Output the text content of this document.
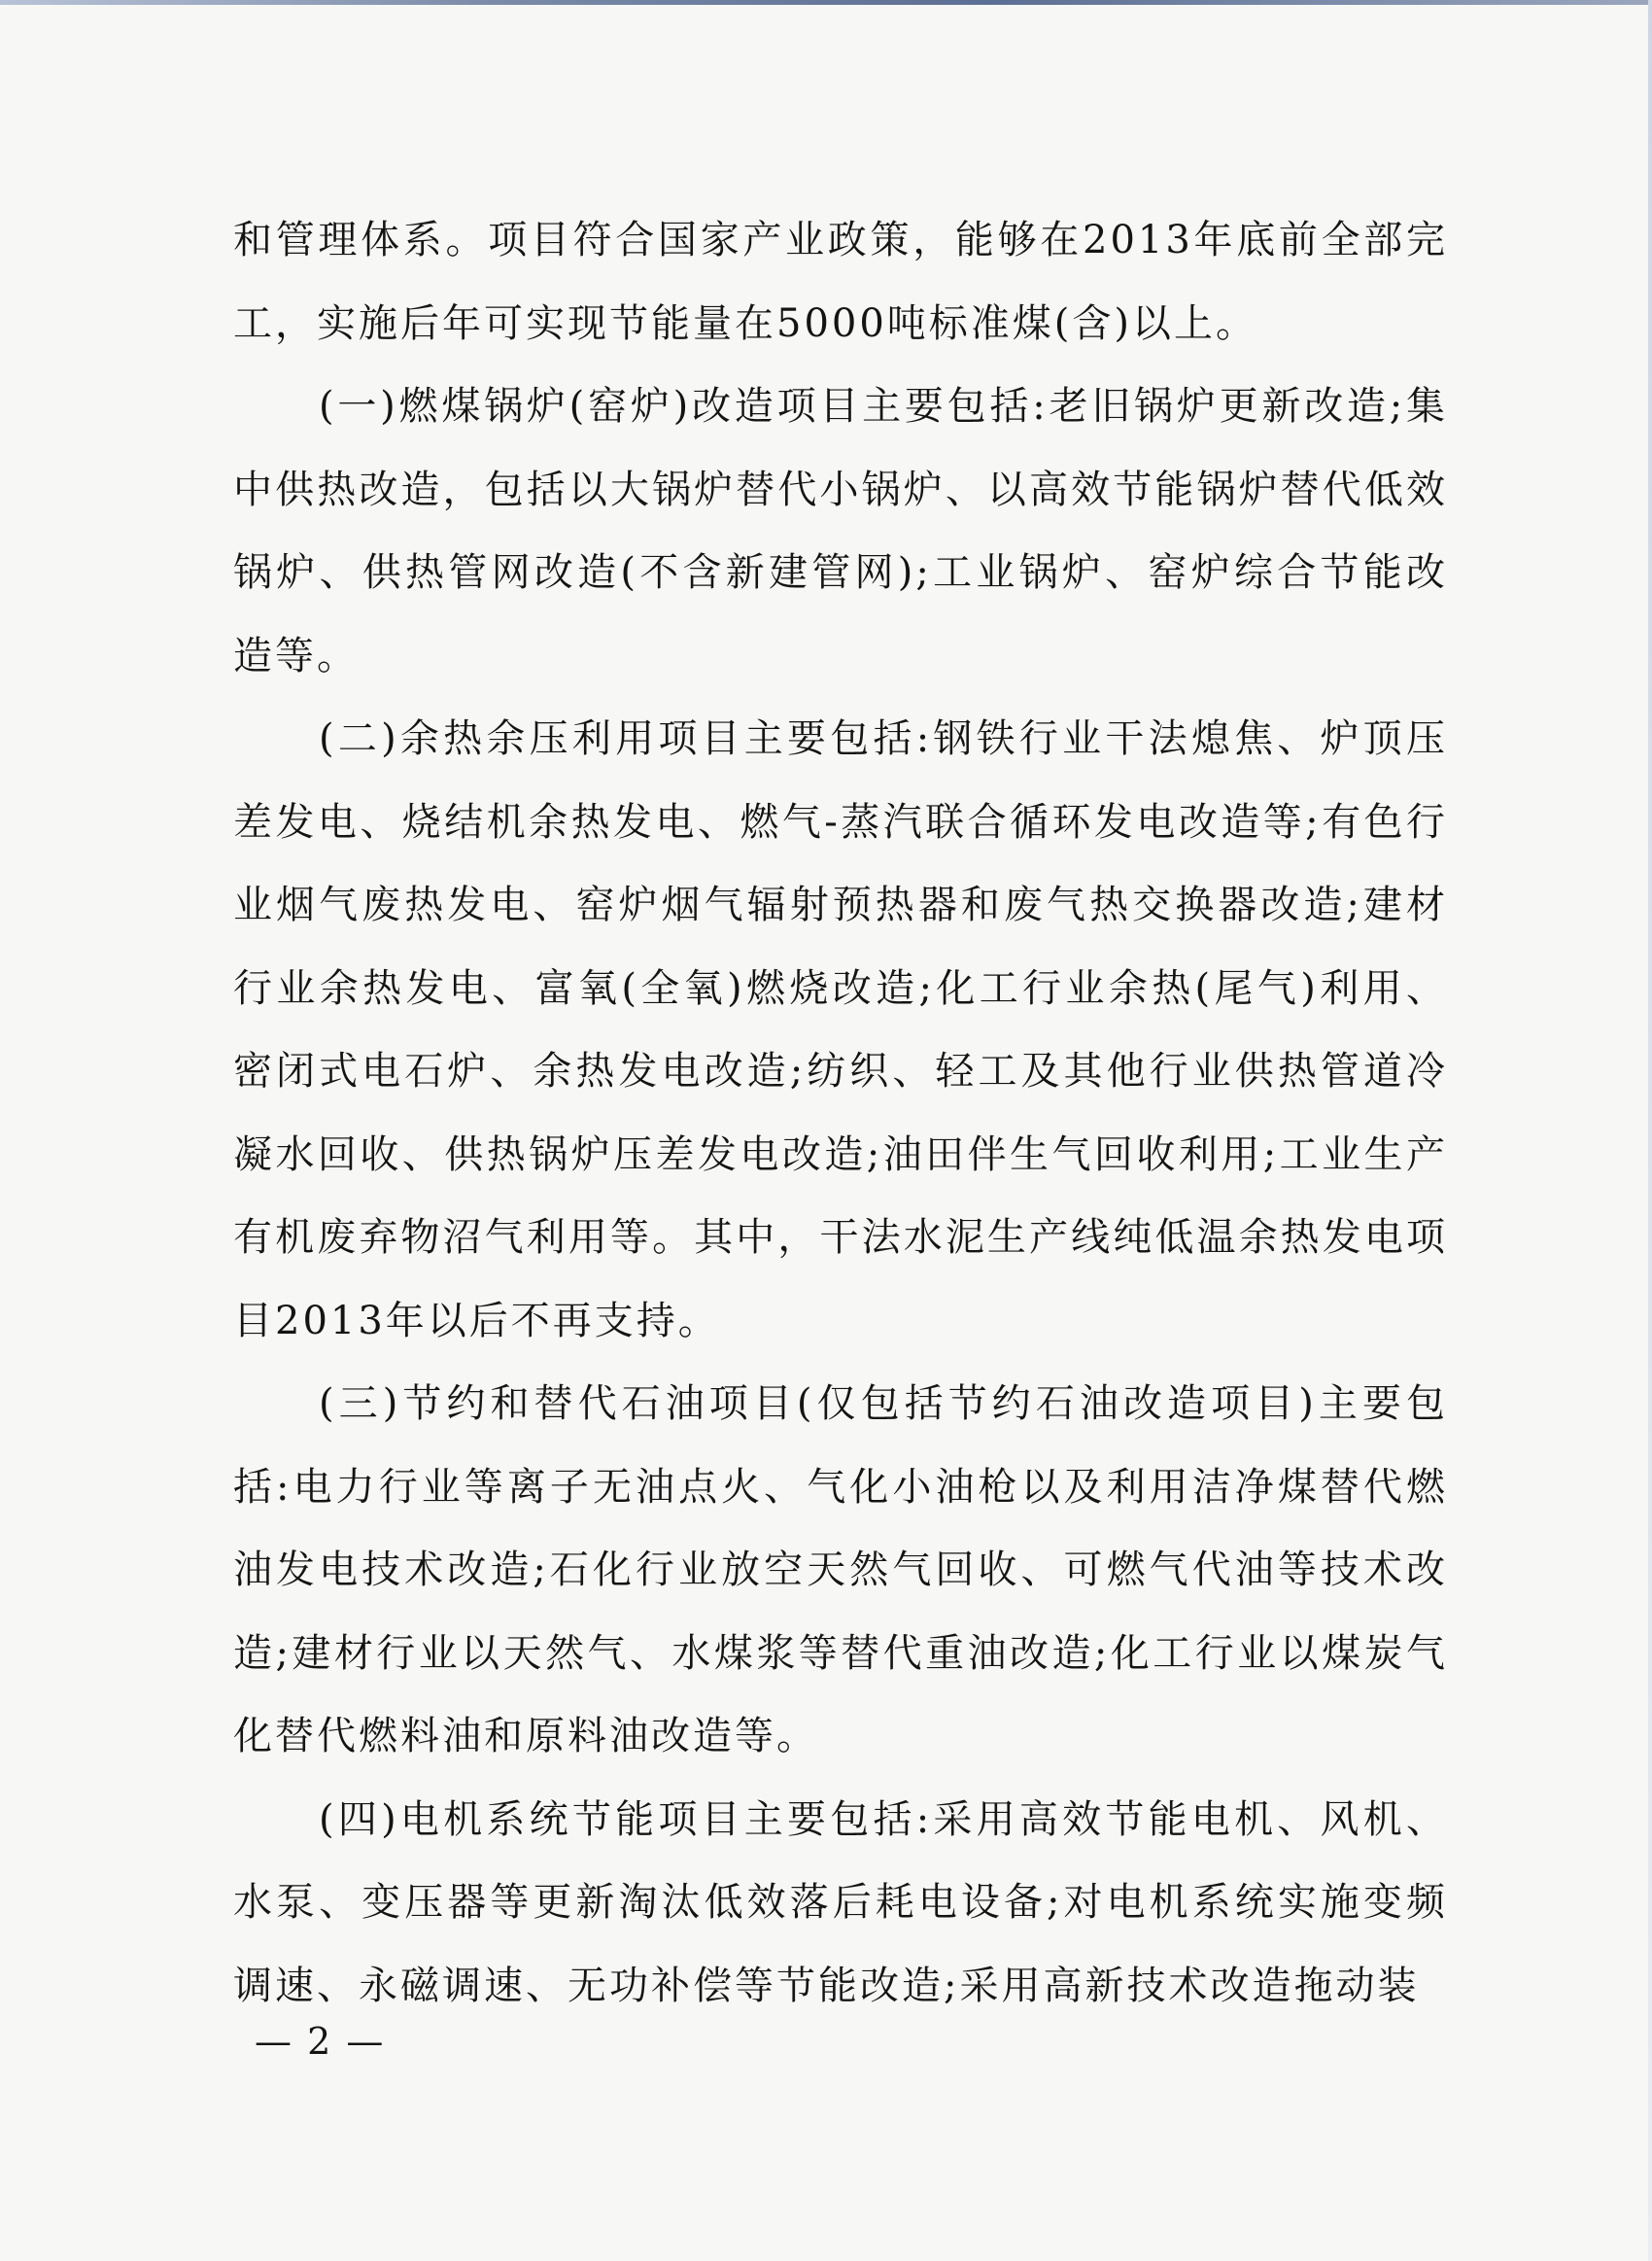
和管理体系。项目符合国家产业政策，能够在2013年底前全部完工，实施后年可实现节能量在5000吨标准煤(含)以上。

(一)燃煤锅炉(窑炉)改造项目主要包括:老旧锅炉更新改造;集中供热改造，包括以大锅炉替代小锅炉、以高效节能锅炉替代低效锅炉、供热管网改造(不含新建管网);工业锅炉、窑炉综合节能改造等。

(二)余热余压利用项目主要包括:钢铁行业干法熄焦、炉顶压差发电、烧结机余热发电、燃气-蒸汽联合循环发电改造等;有色行业烟气废热发电、窑炉烟气辐射预热器和废气热交换器改造;建材行业余热发电、富氧(全氧)燃烧改造;化工行业余热(尾气)利用、密闭式电石炉、余热发电改造;纺织、轻工及其他行业供热管道冷凝水回收、供热锅炉压差发电改造;油田伴生气回收利用;工业生产有机废弃物沼气利用等。其中，干法水泥生产线纯低温余热发电项目2013年以后不再支持。

(三)节约和替代石油项目(仅包括节约石油改造项目)主要包括:电力行业等离子无油点火、气化小油枪以及利用洁净煤替代燃油发电技术改造;石化行业放空天然气回收、可燃气代油等技术改造;建材行业以天然气、水煤浆等替代重油改造;化工行业以煤炭气化替代燃料油和原料油改造等。

(四)电机系统节能项目主要包括:采用高效节能电机、风机、水泵、变压器等更新淘汰低效落后耗电设备;对电机系统实施变频调速、永磁调速、无功补偿等节能改造;采用高新技术改造拖动装

— 2 —
